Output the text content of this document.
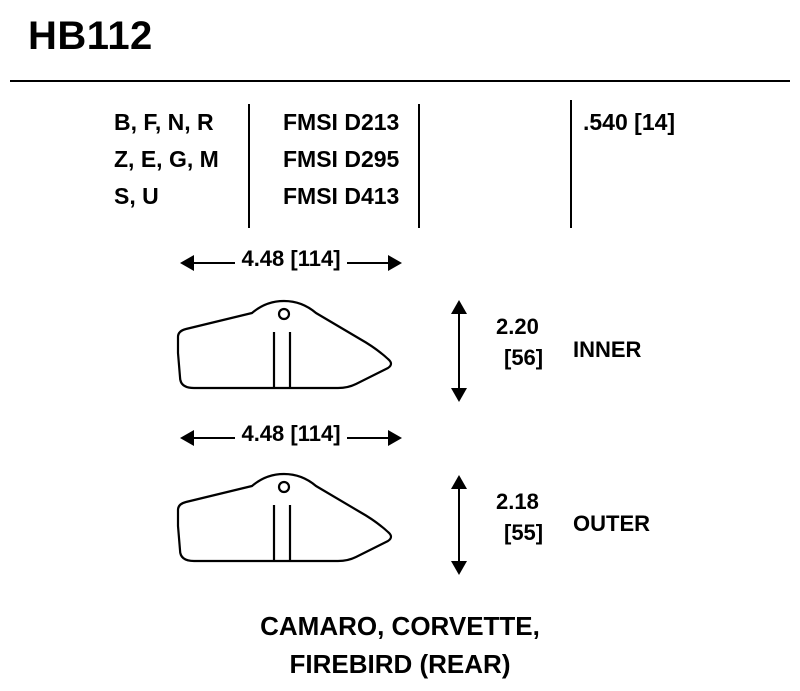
HB112
B, F, N, R
Z, E, G, M
S, U
FMSI D213
FMSI D295
FMSI D413
.540 [14]
4.48 [114]
2.20
[56] INNER
4.48 [114]
2.18
[55] OUTER
CAMARO, CORVETTE,
FIREBIRD (REAR)
